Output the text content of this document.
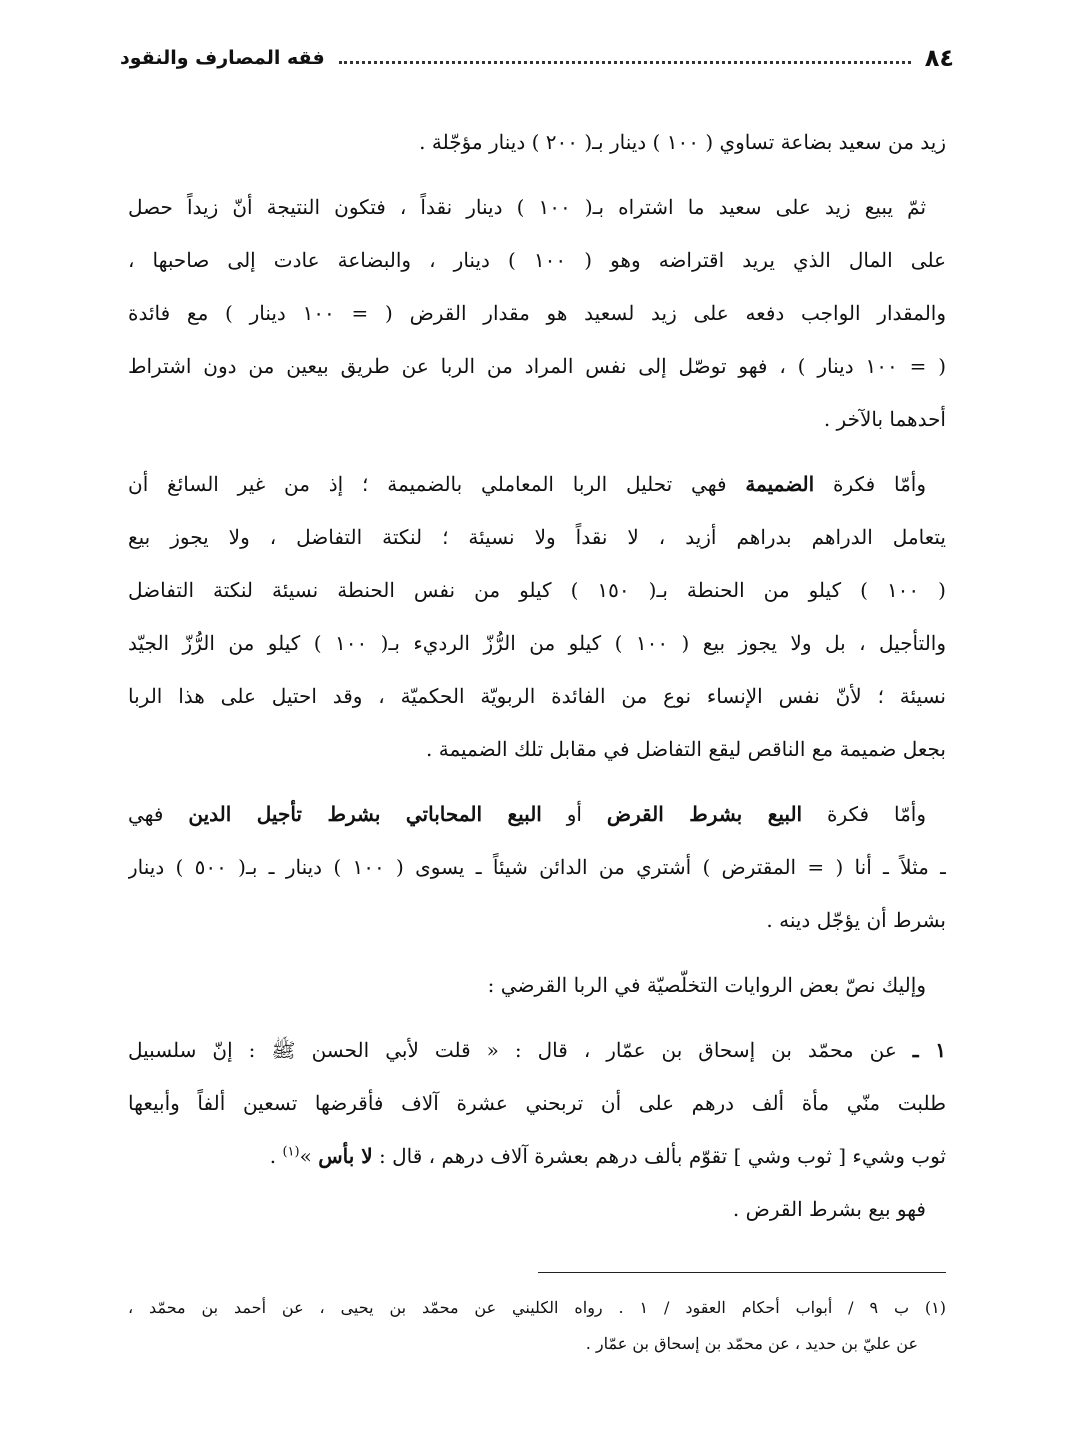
٨٤
فقه المصارف والنقود
زيد من سعيد بضاعة تساوي ( ١٠٠ ) دينار بـ( ٢٠٠ ) دينار مؤجّلة .
ثمّ يبيع زيد على سعيد ما اشتراه بـ( ١٠٠ ) دينار نقداً ، فتكون النتيجة أنّ زيداً حصل
على المال الذي يريد اقتراضه وهو ( ١٠٠ ) دينار ، والبضاعة عادت إلى صاحبها ،
والمقدار الواجب دفعه على زيد لسعيد هو مقدار القرض ( = ١٠٠ دينار ) مع فائدة
( = ١٠٠ دينار ) ، فهو توصّل إلى نفس المراد من الربا عن طريق بيعين من دون اشتراط
أحدهما بالآخر .
وأمّا فكرة الضميمة فهي تحليل الربا المعاملي بالضميمة ؛ إذ من غير السائغ أن
يتعامل الدراهم بدراهم أزيد ، لا نقداً ولا نسيئة ؛ لنكتة التفاضل ، ولا يجوز بيع
( ١٠٠ ) كيلو من الحنطة بـ( ١٥٠ ) كيلو من نفس الحنطة نسيئة لنكتة التفاضل
والتأجيل ، بل ولا يجوز بيع ( ١٠٠ ) كيلو من الرُّزّ الرديء بـ( ١٠٠ ) كيلو من الرُّزّ الجيّد
نسيئة ؛ لأنّ نفس الإنساء نوع من الفائدة الربويّة الحكميّة ، وقد احتيل على هذا الربا
بجعل ضميمة مع الناقص ليقع التفاضل في مقابل تلك الضميمة .
وأمّا فكرة البيع بشرط القرض أو البيع المحاباتي بشرط تأجيل الدين فهي
ـ مثلاً ـ أنا ( = المقترض ) أشتري من الدائن شيئاً ـ يسوى ( ١٠٠ ) دينار ـ بـ( ٥٠٠ ) دينار
بشرط أن يؤجّل دينه .
وإليك نصّ بعض الروايات التخلّصيّة في الربا القرضي :
١ ـ عن محمّد بن إسحاق بن عمّار ، قال : « قلت لأبي الحسن ﷺ : إنّ سلسبيل
طلبت منّي مأة ألف درهم على أن تربحني عشرة آلاف فأقرضها تسعين ألفاً وأبيعها
ثوب وشيء [ ثوب وشي ] تقوّم بألف درهم بعشرة آلاف درهم ، قال : لا بأس »$^{(١)}$ .
فهو بيع بشرط القرض .
(١) ب ٩ / أبواب أحكام العقود / ١ . رواه الكليني عن محمّد بن يحيى ، عن أحمد بن محمّد ،
عن عليّ بن حديد ، عن محمّد بن إسحاق بن عمّار .
